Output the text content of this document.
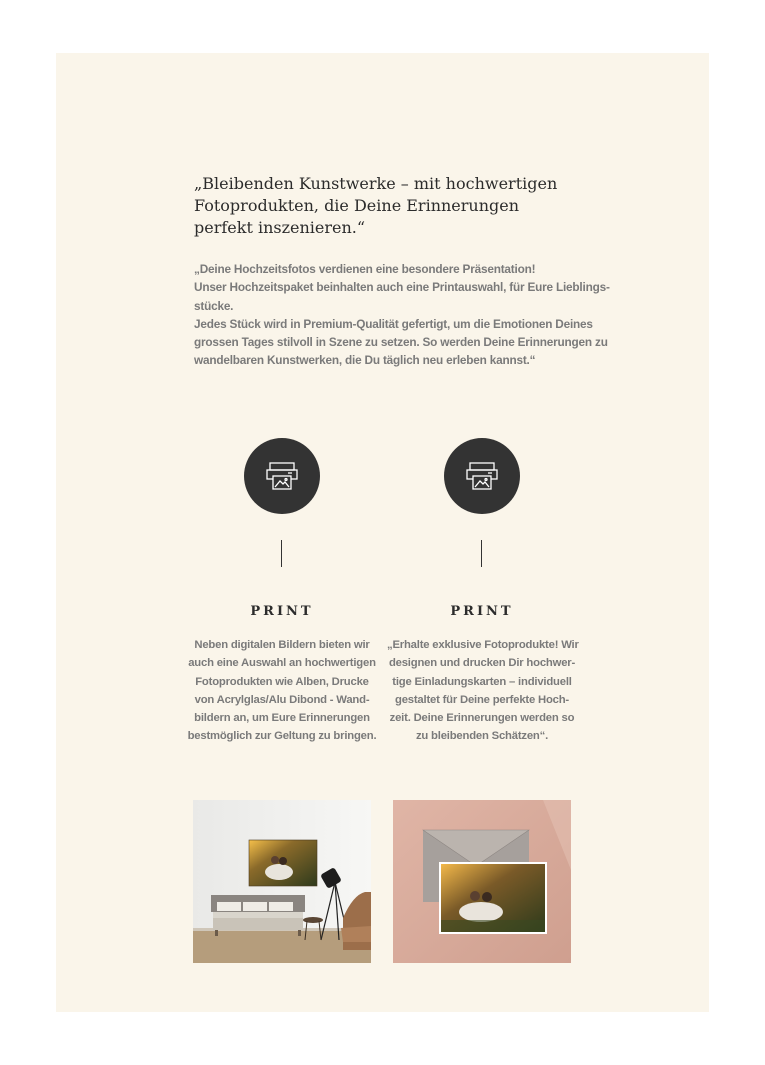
„Bleibenden Kunstwerke – mit hochwertigen Fotoprodukten, die Deine Erinnerungen perfekt inszenieren.“

„Deine Hochzeitsfotos verdienen eine besondere Präsentation!
Unser Hochzeitspaket beinhalten auch eine Printauswahl, für Eure Lieblings-
stücke.
Jedes Stück wird in Premium-Qualität gefertigt, um die Emotionen Deines
grossen Tages stilvoll in Szene zu setzen. So werden Deine Erinnerungen zu
wandelbaren Kunstwerken, die Du täglich neu erleben kannst.“
PRINT
Neben digitalen Bildern bieten wir
auch eine Auswahl an hochwertigen
Fotoprodukten wie Alben, Drucke
von Acrylglas/Alu Dibond - Wand-
bildern an, um Eure Erinnerungen
bestmöglich zur Geltung zu bringen.
PRINT
„Erhalte exklusive Fotoprodukte! Wir
designen und drucken Dir hochwer-
tige Einladungskarten – individuell
gestaltet für Deine perfekte Hoch-
zeit. Deine Erinnerungen werden so
zu bleibenden Schätzen“.
